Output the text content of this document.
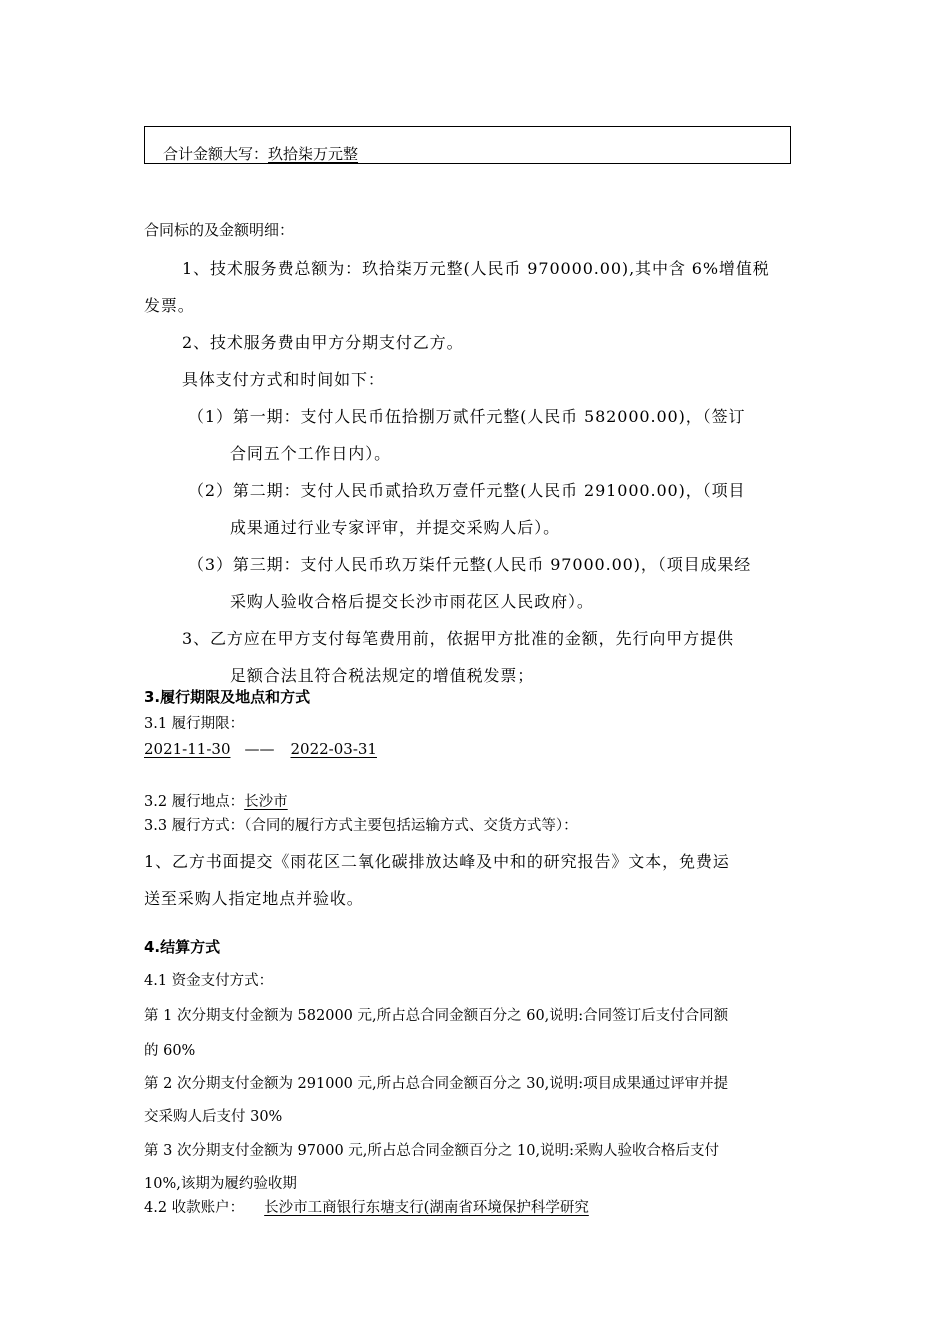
合计金额大写：玖拾柒万元整
合同标的及金额明细：
1、技术服务费总额为：玖拾柒万元整(人民币 970000.00),其中含 6%增值税
发票。
2、技术服务费由甲方分期支付乙方。
具体支付方式和时间如下：
（1）第一期：支付人民币伍拾捌万贰仟元整(人民币 582000.00)，（签订
合同五个工作日内）。
（2）第二期：支付人民币贰拾玖万壹仟元整(人民币 291000.00)，（项目
成果通过行业专家评审，并提交采购人后）。
（3）第三期：支付人民币玖万柒仟元整(人民币 97000.00)，（项目成果经
采购人验收合格后提交长沙市雨花区人民政府）。
3、乙方应在甲方支付每笔费用前，依据甲方批准的金额，先行向甲方提供
足额合法且符合税法规定的增值税发票；
3.履行期限及地点和方式
3.1 履行期限：
2021-11-30 —— 2022-03-31
3.2 履行地点：长沙市
3.3 履行方式：（合同的履行方式主要包括运输方式、交货方式等）：
1、乙方书面提交《雨花区二氧化碳排放达峰及中和的研究报告》文本，免费运
送至采购人指定地点并验收。
4.结算方式
4.1 资金支付方式：
第 1 次分期支付金额为 582000 元,所占总合同金额百分之 60,说明:合同签订后支付合同额
的 60%
第 2 次分期支付金额为 291000 元,所占总合同金额百分之 30,说明:项目成果通过评审并提
交采购人后支付 30%
第 3 次分期支付金额为 97000 元,所占总合同金额百分之 10,说明:采购人验收合格后支付
10%,该期为履约验收期
4.2 收款账户： 长沙市工商银行东塘支行(湖南省环境保护科学研究
